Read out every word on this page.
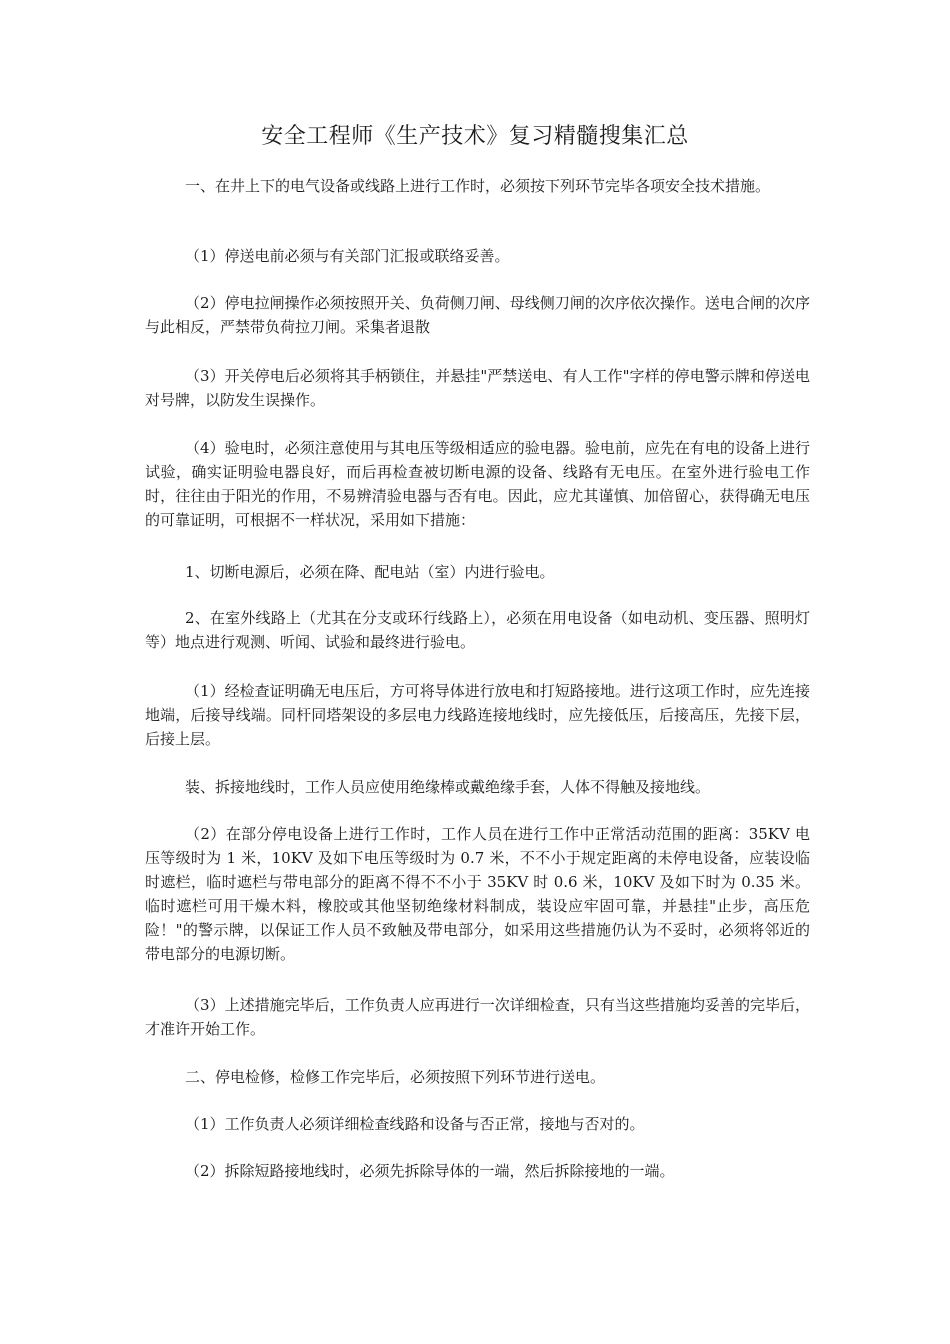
安全工程师《生产技术》复习精髓搜集汇总

一、在井上下的电气设备或线路上进行工作时，必须按下列环节完毕各项安全技术措施。

（1）停送电前必须与有关部门汇报或联络妥善。

（2）停电拉闸操作必须按照开关、负荷侧刀闸、母线侧刀闸的次序依次操作。送电合闸的次序与此相反，严禁带负荷拉刀闸。采集者退散

（3）开关停电后必须将其手柄锁住，并悬挂"严禁送电、有人工作"字样的停电警示牌和停送电对号牌，以防发生误操作。

（4）验电时，必须注意使用与其电压等级相适应的验电器。验电前，应先在有电的设备上进行试验，确实证明验电器良好，而后再检查被切断电源的设备、线路有无电压。在室外进行验电工作时，往往由于阳光的作用，不易辨清验电器与否有电。因此，应尤其谨慎、加倍留心，获得确无电压的可靠证明，可根据不一样状况，采用如下措施：

1、切断电源后，必须在降、配电站（室）内进行验电。

2、在室外线路上（尤其在分支或环行线路上），必须在用电设备（如电动机、变压器、照明灯等）地点进行观测、听闻、试验和最终进行验电。

（1）经检查证明确无电压后，方可将导体进行放电和打短路接地。进行这项工作时，应先连接地端，后接导线端。同杆同塔架设的多层电力线路连接地线时，应先接低压，后接高压，先接下层，后接上层。

装、拆接地线时，工作人员应使用绝缘棒或戴绝缘手套，人体不得触及接地线。

（2）在部分停电设备上进行工作时，工作人员在进行工作中正常活动范围的距离：35KV 电压等级时为 1 米，10KV 及如下电压等级时为 0.7 米，不不小于规定距离的未停电设备，应装设临时遮栏，临时遮栏与带电部分的距离不得不不小于 35KV 时 0.6 米，10KV 及如下时为 0.35 米。临时遮栏可用干燥木料，橡胶或其他坚韧绝缘材料制成，装设应牢固可靠，并悬挂"止步，高压危险！"的警示牌，以保证工作人员不致触及带电部分，如采用这些措施仍认为不妥时，必须将邻近的带电部分的电源切断。

（3）上述措施完毕后，工作负责人应再进行一次详细检查，只有当这些措施均妥善的完毕后，才准许开始工作。

二、停电检修，检修工作完毕后，必须按照下列环节进行送电。

（1）工作负责人必须详细检查线路和设备与否正常，接地与否对的。

（2）拆除短路接地线时，必须先拆除导体的一端，然后拆除接地的一端。
